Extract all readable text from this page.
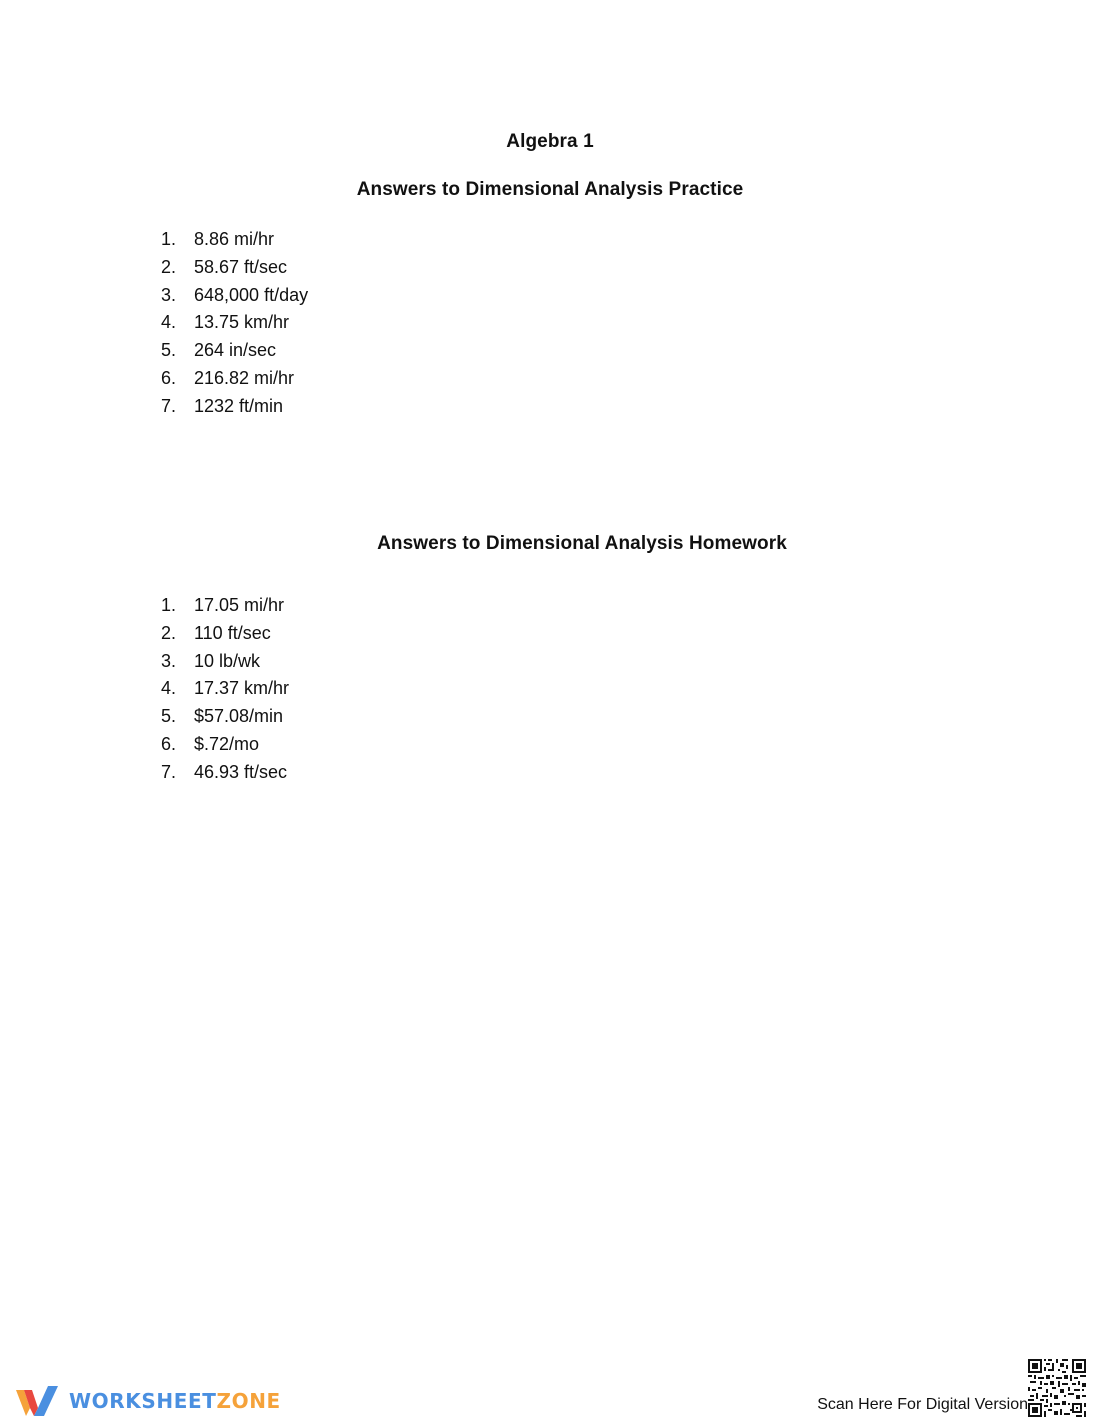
Algebra 1
Answers to Dimensional Analysis Practice
1. 8.86 mi/hr
2. 58.67 ft/sec
3. 648,000 ft/day
4. 13.75 km/hr
5. 264 in/sec
6. 216.82 mi/hr
7. 1232 ft/min
Answers to Dimensional Analysis Homework
1. 17.05 mi/hr
2. 110 ft/sec
3. 10 lb/wk
4. 17.37 km/hr
5. $57.08/min
6. $.72/mo
7. 46.93 ft/sec
WORKSHEETZONE	Scan Here For Digital Version
